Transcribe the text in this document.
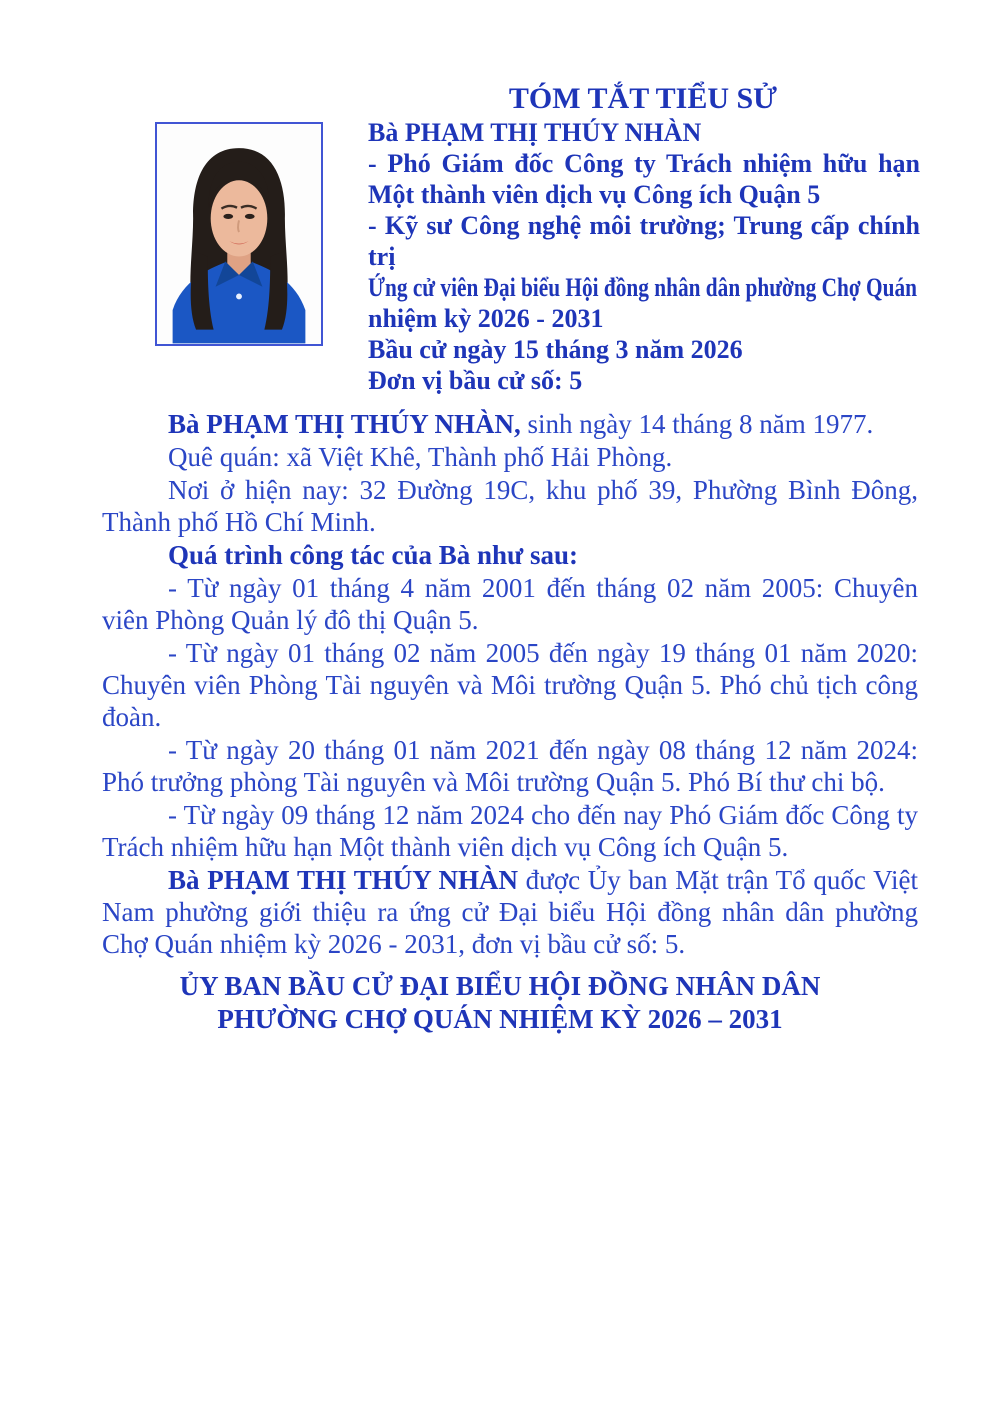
TÓM TẮT TIỂU SỬ

Bà PHẠM THỊ THÚY NHÀN

- Phó Giám đốc Công ty Trách nhiệm hữu hạn Một thành viên dịch vụ Công ích Quận 5

- Kỹ sư Công nghệ môi trường; Trung cấp chính trị

Ứng cử viên Đại biểu Hội đồng nhân dân phường Chợ Quán
nhiệm kỳ 2026 - 2031

Bầu cử ngày 15 tháng 3 năm 2026

Đơn vị bầu cử số: 5

Bà PHẠM THỊ THÚY NHÀN, sinh ngày 14 tháng 8 năm 1977.

Quê quán: xã Việt Khê, Thành phố Hải Phòng.

Nơi ở hiện nay: 32 Đường 19C, khu phố 39, Phường Bình Đông, Thành phố Hồ Chí Minh.

Quá trình công tác của Bà như sau:

- Từ ngày 01 tháng 4 năm 2001 đến tháng 02 năm 2005: Chuyên viên Phòng Quản lý đô thị Quận 5.

- Từ ngày 01 tháng 02 năm 2005 đến ngày 19 tháng 01 năm 2020: Chuyên viên Phòng Tài nguyên và Môi trường Quận 5. Phó chủ tịch công đoàn.

- Từ ngày 20 tháng 01 năm 2021 đến ngày 08 tháng 12 năm 2024: Phó trưởng phòng Tài nguyên và Môi trường Quận 5. Phó Bí thư chi bộ.

- Từ ngày 09 tháng 12 năm 2024 cho đến nay Phó Giám đốc Công ty Trách nhiệm hữu hạn Một thành viên dịch vụ Công ích Quận 5.

Bà PHẠM THỊ THÚY NHÀN được Ủy ban Mặt trận Tổ quốc Việt Nam phường giới thiệu ra ứng cử Đại biểu Hội đồng nhân dân phường Chợ Quán nhiệm kỳ 2026 - 2031, đơn vị bầu cử số: 5.

ỦY BAN BẦU CỬ ĐẠI BIỂU HỘI ĐỒNG NHÂN DÂN
PHƯỜNG CHỢ QUÁN NHIỆM KỲ 2026 – 2031
